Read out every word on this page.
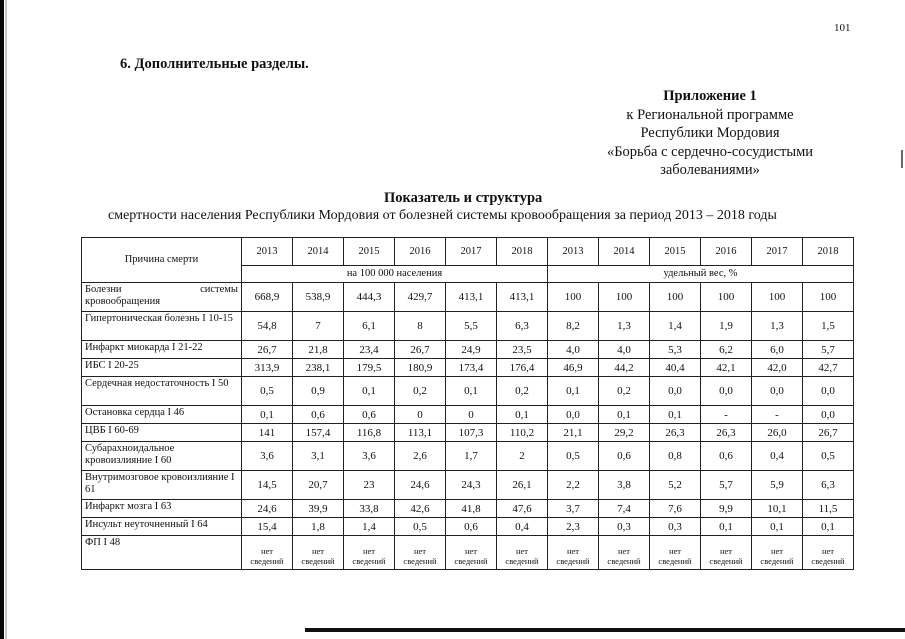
101
6. Дополнительные разделы.
Приложение 1
к Региональной программе
Республики Мордовия
«Борьба с сердечно-сосудистыми
заболеваниями»
Показатель и структура
смертности населения Республики Мордовия от болезней системы кровообращения за период 2013 – 2018 годы
Причина смерти	2013	2014	2015	2016	2017	2018	2013	2014	2015	2016	2017	2018
	на 100 000 населения						удельный вес, %					
Болезни системы кровообращения	668,9	538,9	444,3	429,7	413,1	413,1	100	100	100	100	100	100
Гипертоническая болезнь I 10-15	54,8	7	6,1	8	5,5	6,3	8,2	1,3	1,4	1,9	1,3	1,5
Инфаркт миокарда I 21-22	26,7	21,8	23,4	26,7	24,9	23,5	4,0	4,0	5,3	6,2	6,0	5,7
ИБС I 20-25	313,9	238,1	179,5	180,9	173,4	176,4	46,9	44,2	40,4	42,1	42,0	42,7
Сердечная недостаточность I 50	0,5	0,9	0,1	0,2	0,1	0,2	0,1	0,2	0,0	0,0	0,0	0,0
Остановка сердца I 46	0,1	0,6	0,6	0	0	0,1	0,0	0,1	0,1	-	-	0,0
ЦВБ I 60-69	141	157,4	116,8	113,1	107,3	110,2	21,1	29,2	26,3	26,3	26,0	26,7
Субарахноидальное кровоизлияние I 60	3,6	3,1	3,6	2,6	1,7	2	0,5	0,6	0,8	0,6	0,4	0,5
Внутримозговое кровоизлияние I 61	14,5	20,7	23	24,6	24,3	26,1	2,2	3,8	5,2	5,7	5,9	6,3
Инфаркт мозга I 63	24,6	39,9	33,8	42,6	41,8	47,6	3,7	7,4	7,6	9,9	10,1	11,5
Инсульт неуточненный I 64	15,4	1,8	1,4	0,5	0,6	0,4	2,3	0,3	0,3	0,1	0,1	0,1
ФП I 48	нет сведений	нет сведений	нет сведений	нет сведений	нет сведений	нет сведений	нет сведений	нет сведений	нет сведений	нет сведений	нет сведений	нет сведений
